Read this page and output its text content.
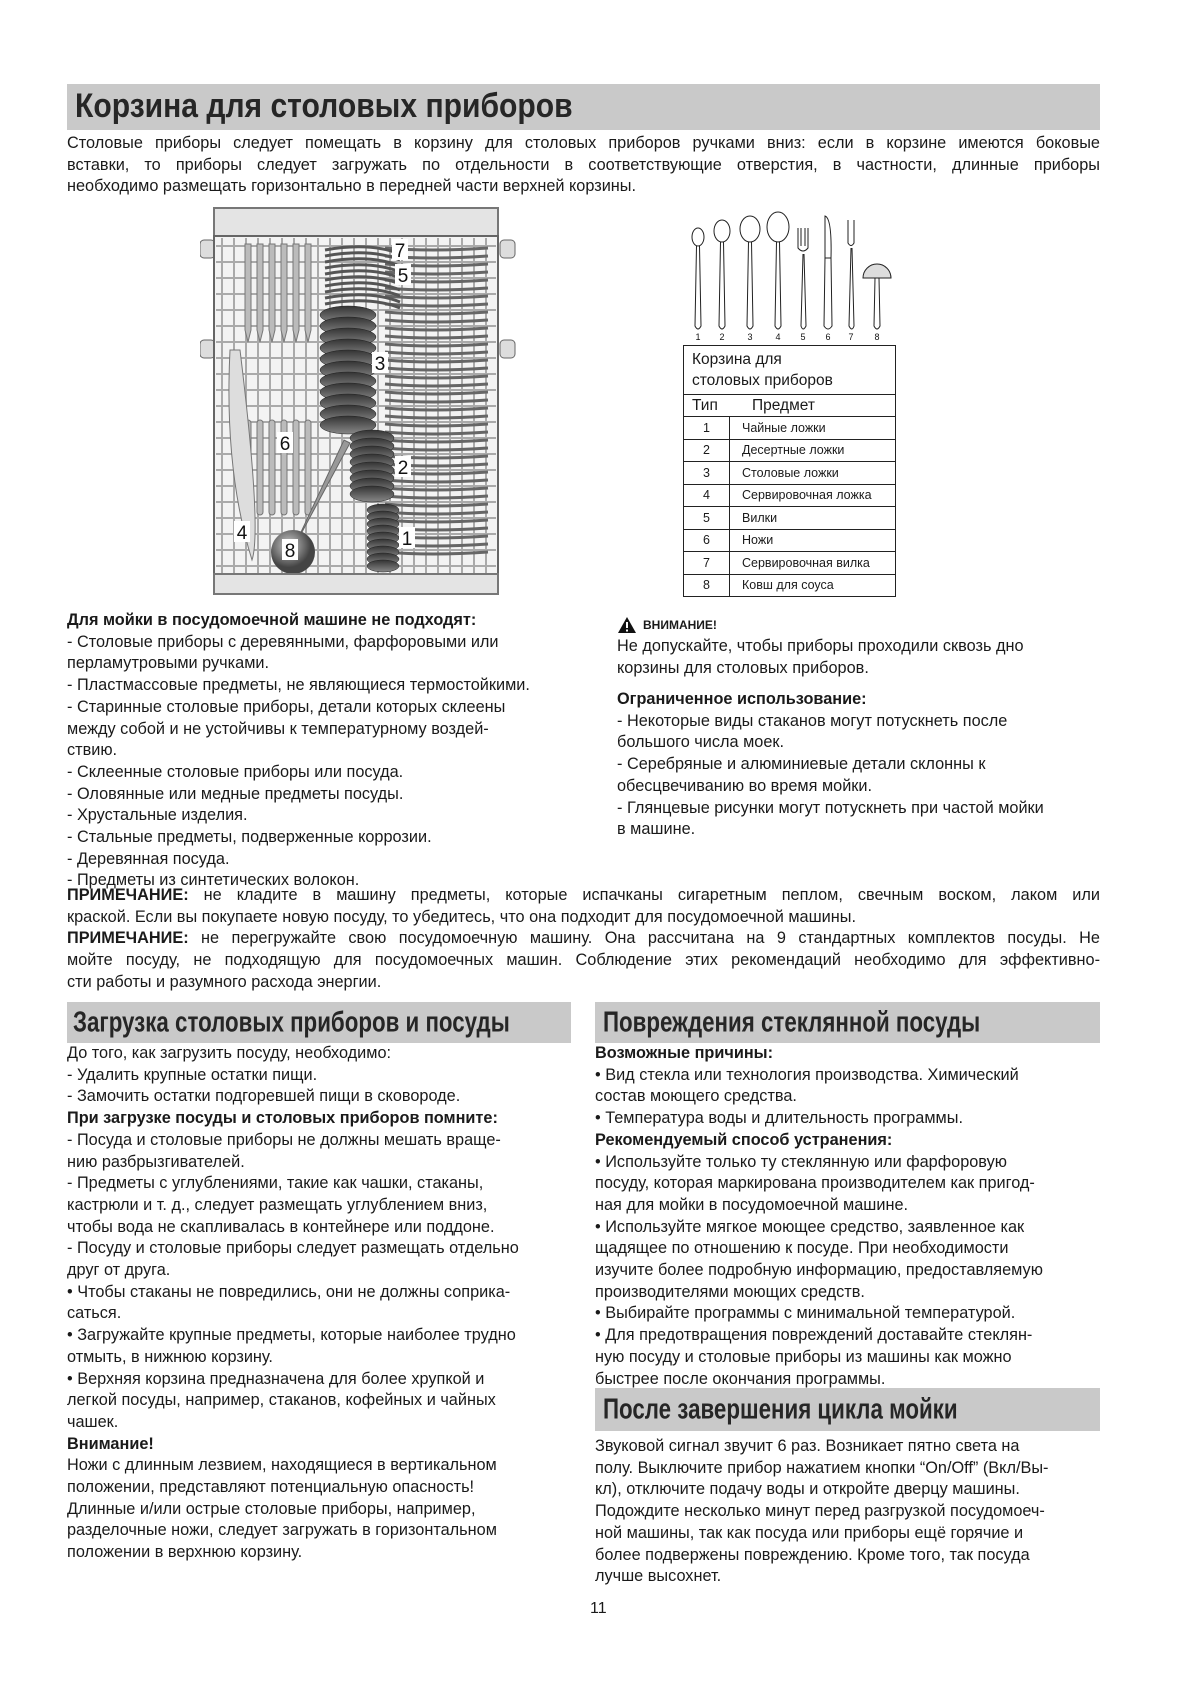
Корзина для столовых приборов
Столовые приборы следует помещать в корзину для столовых приборов ручками вниз: если в корзине имеются боковые
вставки, то приборы следует загружать по отдельности в соответствующие отверстия, в частности, длинные приборы
необходимо размещать горизонтально в передней части верхней корзины.
7
5
3
6
2
4
8
1
1 2	3	4 5 6 7 8
Корзина для
столовых приборов	

Тип Предмет	
1	Чайные ложки
2	Десертные ложки
3	Столовые ложки
4	Сервировочная ложка
5	Вилки
6	Ножи
7	Сервировочная вилка
8	Ковш для соуса
Для мойки в посудомоечной машине не подходят:
- Столовые приборы с деревянными, фарфоровыми или
перламутровыми ручками.
- Пластмассовые предметы, не являющиеся термостойкими.
- Старинные столовые приборы, детали которых склеены
между собой и не устойчивы к температурному воздей-
ствию.
- Склеенные столовые приборы или посуда.
- Оловянные или медные предметы посуды.
- Хрустальные изделия.
- Стальные предметы, подверженные коррозии.
- Деревянная посуда.
- Предметы из синтетических волокон.
ВНИМАНИЕ!
Не допускайте, чтобы приборы проходили сквозь дно
корзины для столовых приборов.
Ограниченное использование:
- Некоторые виды стаканов могут потускнеть после
большого числа моек.
- Серебряные и алюминиевые детали склонны к
обесцвечиванию во время мойки.
- Глянцевые рисунки могут потускнеть при частой мойки
в машине.
ПРИМЕЧАНИЕ: не кладите в машину предметы, которые испачканы сигаретным пеплом, свечным воском, лаком или
краской. Если вы покупаете новую посуду, то убедитесь, что она подходит для посудомоечной машины.
ПРИМЕЧАНИЕ: не перегружайте свою посудомоечную машину. Она рассчитана на 9 стандартных комплектов посуды. Не
мойте посуду, не подходящую для посудомоечных машин. Соблюдение этих рекомендаций необходимо для эффективно-
сти работы и разумного расхода энергии.
Загрузка столовых приборов и посуды
До того, как загрузить посуду, необходимо:
- Удалить крупные остатки пищи.
- Замочить остатки подгоревшей пищи в сковороде.
При загрузке посуды и столовых приборов помните:
- Посуда и столовые приборы не должны мешать враще-
нию разбрызгивателей.
- Предметы с углублениями, такие как чашки, стаканы,
кастрюли и т. д., следует размещать углублением вниз,
чтобы вода не скапливалась в контейнере или поддоне.
- Посуду и столовые приборы следует размещать отдельно
друг от друга.
• Чтобы стаканы не повредились, они не должны соприка-
саться.
• Загружайте крупные предметы, которые наиболее трудно
отмыть, в нижнюю корзину.
• Верхняя корзина предназначена для более хрупкой и
легкой посуды, например, стаканов, кофейных и чайных
чашек.
Внимание!
Ножи с длинным лезвием, находящиеся в вертикальном
положении, представляют потенциальную опасность!
Длинные и/или острые столовые приборы, например,
разделочные ножи, следует загружать в горизонтальном
положении в верхнюю корзину.
Повреждения стеклянной посуды
Возможные причины:
• Вид стекла или технология производства. Химический
состав моющего средства.
• Температура воды и длительность программы.
Рекомендуемый способ устранения:
• Используйте только ту стеклянную или фарфоровую
посуду, которая маркирована производителем как пригод-
ная для мойки в посудомоечной машине.
• Используйте мягкое моющее средство, заявленное как
щадящее по отношению к посуде. При необходимости
изучите более подробную информацию, предоставляемую
производителями моющих средств.
• Выбирайте программы с минимальной температурой.
• Для предотвращения повреждений доставайте стеклян-
ную посуду и столовые приборы из машины как можно
быстрее после окончания программы.
После завершения цикла мойки
Звуковой сигнал звучит 6 раз. Возникает пятно света на
полу. Выключите прибор нажатием кнопки “On/Off” (Вкл/Вы-
кл), отключите подачу воды и откройте дверцу машины.
Подождите несколько минут перед разгрузкой посудомоеч-
ной машины, так как посуда или приборы ещё горячие и
более подвержены повреждению. Кроме того, так посуда
лучше высохнет.
11
